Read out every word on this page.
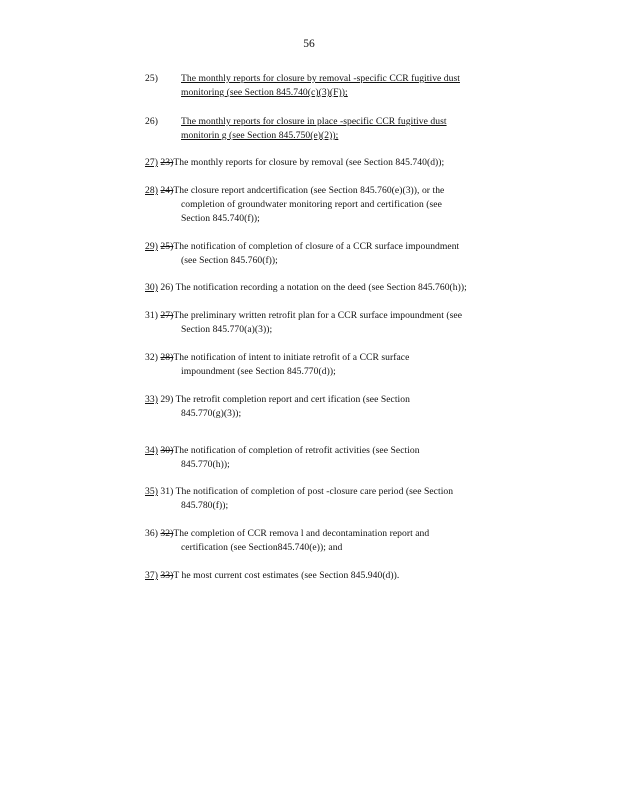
56
25)	The monthly reports for closure by removal -specific CCR fugitive dust
monitoring (see Section 845.740(c)(3)(F));
26)	The monthly reports for closure in place -specific CCR fugitive dust
monitorin g (see Section 845.750(e)(2));
27) 23)The monthly reports for closure by removal (see Section 845.740(d));
28) 24)The closure report andcertification (see Section 845.760(e)(3)), or the
completion of groundwater monitoring report and certification (see
Section 845.740(f));
29) 25)The notification of completion of closure of a CCR surface impoundment
(see Section 845.760(f));
30) 26) The notification recording a notation on the deed (see Section 845.760(h));
31) 27)The preliminary written retrofit plan for a CCR surface impoundment (see
Section 845.770(a)(3));
32) 28)The notification of intent to initiate retrofit of a CCR surface
impoundment (see Section 845.770(d));
33) 29) The retrofit completion report and cert ification (see Section
845.770(g)(3));
34) 30)The notification of completion of retrofit activities (see Section
845.770(h));
35) 31) The notification of completion of post -closure care period (see Section
845.780(f));
36) 32)The completion of CCR remova l and decontamination report and
certification (see Section845.740(e)); and
37) 33)T he most current cost estimates (see Section 845.940(d)).
